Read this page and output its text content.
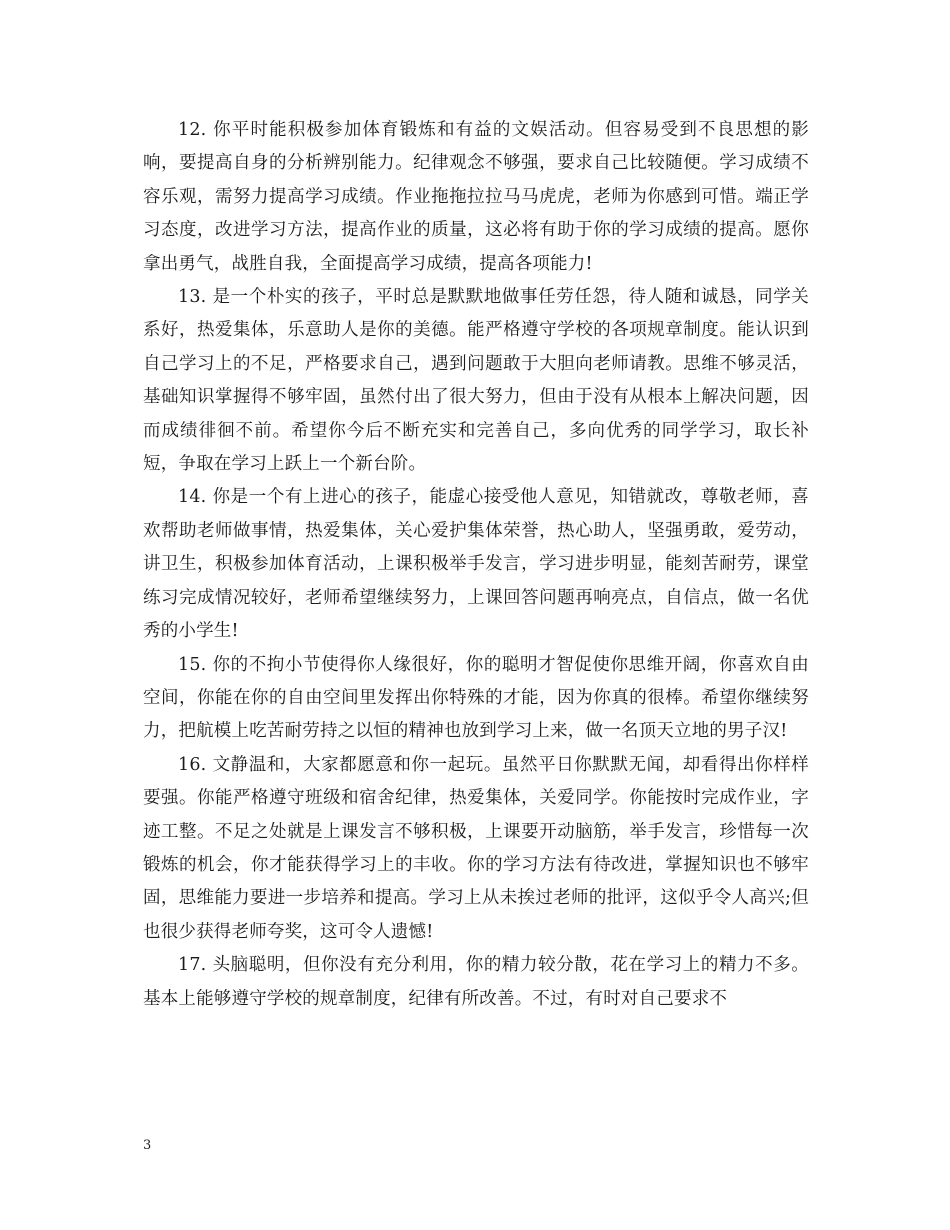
12. 你平时能积极参加体育锻炼和有益的文娱活动。但容易受到不良思想的影响，要提高自身的分析辨别能力。纪律观念不够强，要求自己比较随便。学习成绩不容乐观，需努力提高学习成绩。作业拖拖拉拉马马虎虎，老师为你感到可惜。端正学习态度，改进学习方法，提高作业的质量，这必将有助于你的学习成绩的提高。愿你拿出勇气，战胜自我，全面提高学习成绩，提高各项能力!

13. 是一个朴实的孩子，平时总是默默地做事任劳任怨，待人随和诚恳，同学关系好，热爱集体，乐意助人是你的美德。能严格遵守学校的各项规章制度。能认识到自己学习上的不足，严格要求自己，遇到问题敢于大胆向老师请教。思维不够灵活，基础知识掌握得不够牢固，虽然付出了很大努力，但由于没有从根本上解决问题，因而成绩徘徊不前。希望你今后不断充实和完善自己，多向优秀的同学学习，取长补短，争取在学习上跃上一个新台阶。

14. 你是一个有上进心的孩子，能虚心接受他人意见，知错就改，尊敬老师，喜欢帮助老师做事情，热爱集体，关心爱护集体荣誉，热心助人，坚强勇敢，爱劳动，讲卫生，积极参加体育活动，上课积极举手发言，学习进步明显，能刻苦耐劳，课堂练习完成情况较好，老师希望继续努力，上课回答问题再响亮点，自信点，做一名优秀的小学生!

15. 你的不拘小节使得你人缘很好，你的聪明才智促使你思维开阔，你喜欢自由空间，你能在你的自由空间里发挥出你特殊的才能，因为你真的很棒。希望你继续努力，把航模上吃苦耐劳持之以恒的精神也放到学习上来，做一名顶天立地的男子汉!

16. 文静温和，大家都愿意和你一起玩。虽然平日你默默无闻，却看得出你样样要强。你能严格遵守班级和宿舍纪律，热爱集体，关爱同学。你能按时完成作业，字迹工整。不足之处就是上课发言不够积极，上课要开动脑筋，举手发言，珍惜每一次锻炼的机会，你才能获得学习上的丰收。你的学习方法有待改进，掌握知识也不够牢固，思维能力要进一步培养和提高。学习上从未挨过老师的批评，这似乎令人高兴;但也很少获得老师夸奖，这可令人遗憾!

17. 头脑聪明，但你没有充分利用，你的精力较分散，花在学习上的精力不多。基本上能够遵守学校的规章制度，纪律有所改善。不过，有时对自己要求不

3
